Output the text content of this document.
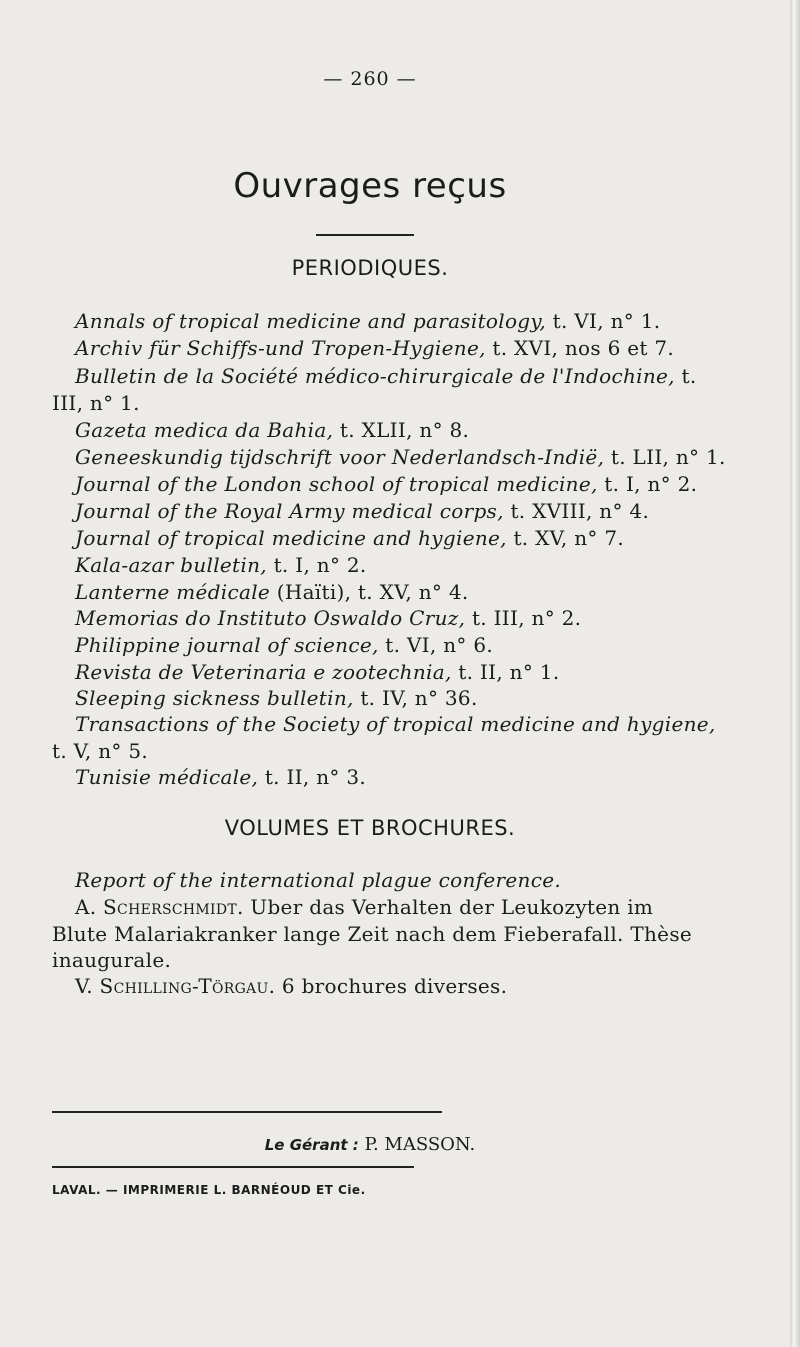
— 260 —
Ouvrages reçus
PERIODIQUES.
Annals of tropical medicine and parasitology, t. VI, n° 1.
Archiv für Schiffs-und Tropen-Hygiene, t. XVI, nos 6 et 7.
Bulletin de la Société médico-chirurgicale de l'Indochine, t.
III, n° 1.
Gazeta medica da Bahia, t. XLII, n° 8.
Geneeskundig tijdschrift voor Nederlandsch-Indië, t. LII, n° 1.
Journal of the London school of tropical medicine, t. I, n° 2.
Journal of the Royal Army medical corps, t. XVIII, n° 4.
Journal of tropical medicine and hygiene, t. XV, n° 7.
Kala-azar bulletin, t. I, n° 2.
Lanterne médicale (Haïti), t. XV, n° 4.
Memorias do Instituto Oswaldo Cruz, t. III, n° 2.
Philippine journal of science, t. VI, n° 6.
Revista de Veterinaria e zootechnia, t. II, n° 1.
Sleeping sickness bulletin, t. IV, n° 36.
Transactions of the Society of tropical medicine and hygiene,
t. V, n° 5.
Tunisie médicale, t. II, n° 3.
VOLUMES ET BROCHURES.
Report of the international plague conference.
A. Scherschmidt. Uber das Verhalten der Leukozyten im
Blute Malariakranker lange Zeit nach dem Fieberafall. Thèse
inaugurale.
V. Schilling-Törgau. 6 brochures diverses.
Le Gérant : P. MASSON.
LAVAL. — IMPRIMERIE L. BARNÉOUD ET Cie.
